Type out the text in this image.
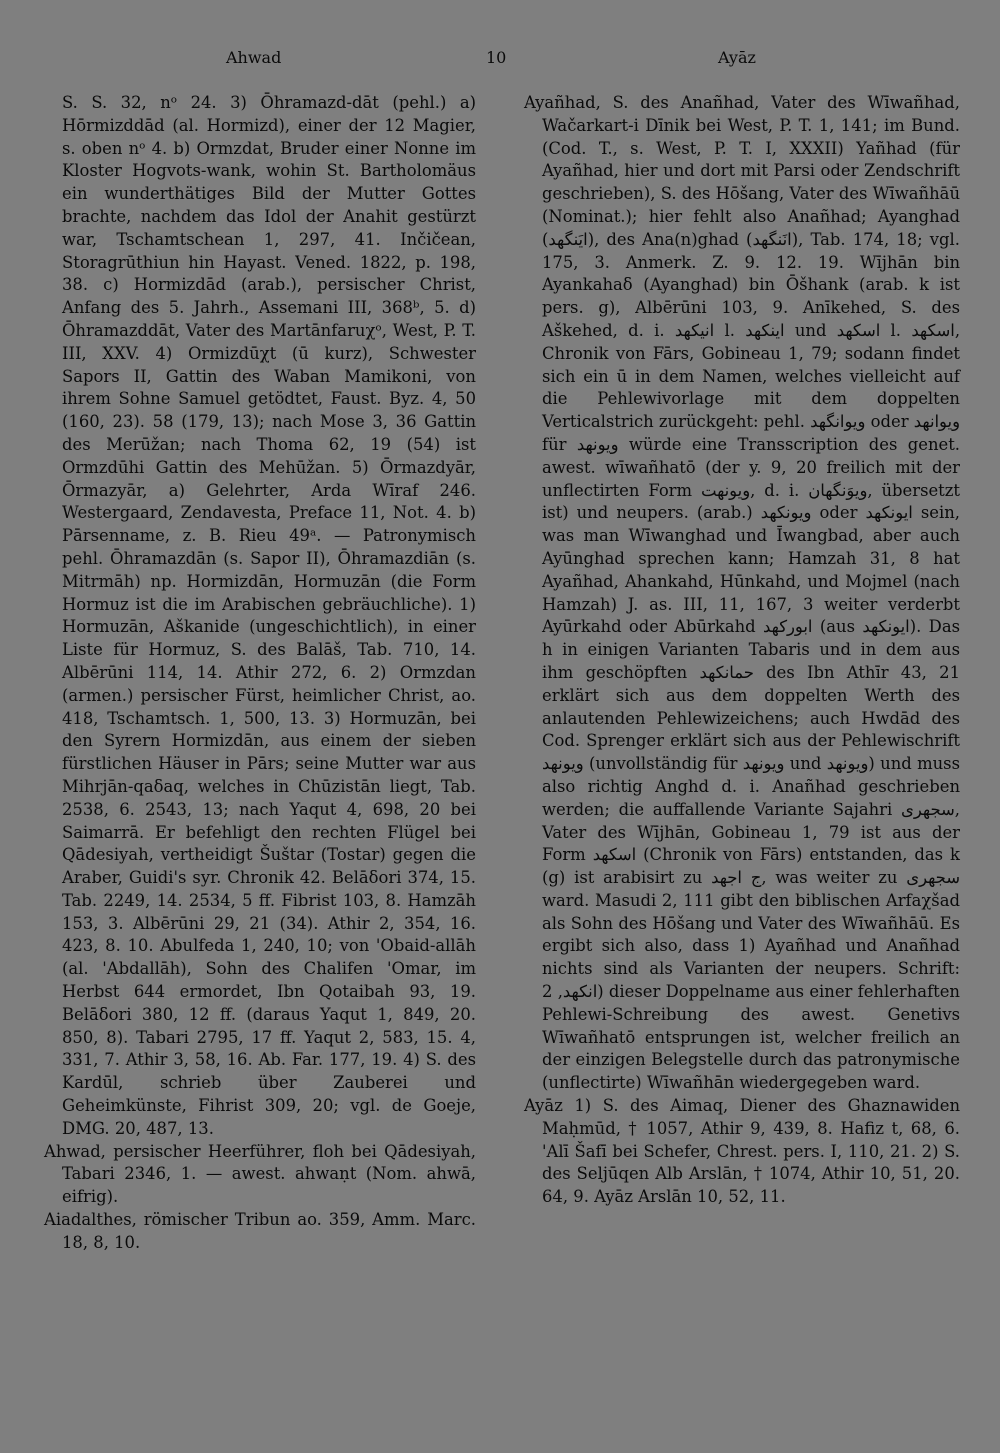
Ahwad	10	Ayāz

S. S. 32, nᵒ 24. 3) Ōhramazd-dāt (pehl.) a) Hōrmizddād (al. Hormizd), einer der 12 Magier, s. oben nᵒ 4. b) Ormzdat, Bruder einer Nonne im Kloster Hogvots-wank, wohin St. Bartholomäus ein wunderthätiges Bild der Mutter Gottes brachte, nachdem das Idol der Anahit gestürzt war, Tschamtschean 1, 297, 41. Inčičean, Storagrūthiun hin Hayast. Vened. 1822, p. 198, 38. c) Hormizdād (arab.), persischer Christ, Anfang des 5. Jahrh., Assemani III, 368ᵇ, 5. d) Ōhramazddāt, Vater des Martānfaruχᵒ, West, P. T. III, XXV. 4) Ormizdūχt (ū kurz), Schwester Sapors II, Gattin des Waban Mamikoni, von ihrem Sohne Samuel getödtet, Faust. Byz. 4, 50 (160, 23). 58 (179, 13); nach Mose 3, 36 Gattin des Merūžan; nach Thoma 62, 19 (54) ist Ormzdūhi Gattin des Mehūžan. 5) Ōrmazdyār, Ōrmazyār, a) Gelehrter, Arda Wīraf 246. Westergaard, Zendavesta, Preface 11, Not. 4. b) Pārsenname, z. B. Rieu 49ᵃ. — Patronymisch pehl. Ōhramazdān (s. Sapor II), Ōhramazdiān (s. Mitrmāh) np. Hormizdān, Hormuzān (die Form Hormuz ist die im Arabischen gebräuchliche). 1) Hormuzān, Aškanide (ungeschichtlich), in einer Liste für Hormuz, S. des Balāš, Tab. 710, 14. Albērūni 114, 14. Athir 272, 6. 2) Ormzdan (armen.) persischer Fürst, heimlicher Christ, ao. 418, Tschamtsch. 1, 500, 13. 3) Hormuzān, bei den Syrern Hormizdān, aus einem der sieben fürstlichen Häuser in Pārs; seine Mutter war aus Mihrjān-qaδaq, welches in Chūzistān liegt, Tab. 2538, 6. 2543, 13; nach Yaqut 4, 698, 20 bei Saimarrā. Er befehligt den rechten Flügel bei Qādesiyah, vertheidigt Šuštar (Tostar) gegen die Araber, Guidi's syr. Chronik 42. Belāδori 374, 15. Tab. 2249, 14. 2534, 5 ff. Fibrist 103, 8. Hamzāh 153, 3. Albērūni 29, 21 (34). Athir 2, 354, 16. 423, 8. 10. Abulfeda 1, 240, 10; von 'Obaid-allāh (al. 'Abdallāh), Sohn des Chalifen 'Omar, im Herbst 644 ermordet, Ibn Qotaibah 93, 19. Belāδori 380, 12 ff. (daraus Yaqut 1, 849, 20. 850, 8). Tabari 2795, 17 ff. Yaqut 2, 583, 15. 4, 331, 7. Athir 3, 58, 16. Ab. Far. 177, 19. 4) S. des Kardūl, schrieb über Zauberei und Geheimkünste, Fihrist 309, 20; vgl. de Goeje, DMG. 20, 487, 13.

Ahwad, persischer Heerführer, floh bei Qādesiyah, Tabari 2346, 1. — awest. ahwaṇt (Nom. ahwā, eifrig).

Aiadalthes, römischer Tribun ao. 359, Amm. Marc. 18, 8, 10.

Ayañhad, S. des Anañhad, Vater des Wīwañhad, Wačarkart-i Dīnik bei West, P. T. 1, 141; im Bund. (Cod. T., s. West, P. T. I, XXXII) Yañhad (für Ayañhad, hier und dort mit Parsi oder Zendschrift geschrieben), S. des Hōšang, Vater des Wīwañhāū (Nominat.); hier fehlt also Anañhad; Ayanghad (ایَنگهد), des Ana(n)ghad (انَنگهد), Tab. 174, 18; vgl. 175, 3. Anmerk. Z. 9. 12. 19. Wījhān bin Ayankahaδ (Ayanghad) bin Ōšhank (arab. k ist pers. g), Albērūni 103, 9. Anīkehed, S. des Aškehed, d. i. انیکهد l. اینکهد und اسکهد l. اسکهد, Chronik von Fārs, Gobineau 1, 79; sodann findet sich ein ū in dem Namen, welches vielleicht auf die Pehlewivorlage mit dem doppelten Verticalstrich zurückgeht: pehl. ويوانگهد oder ويوانهد für ويونهد würde eine Transscription des genet. awest. wīwañhatō (der y. 9, 20 freilich mit der unflectirten Form ويونهت, d. i. ويوَنگهان, übersetzt ist) und neupers. (arab.) ويونكهد oder ايونكهد sein, was man Wīwanghad und Īwangbad, aber auch Ayūnghad sprechen kann; Hamzah 31, 8 hat Ayañhad, Ahankahd, Hūnkahd, und Mojmel (nach Hamzah) J. as. III, 11, 167, 3 weiter verderbt Ayūrkahd oder Abūrkahd ابورکهد (aus ایونکهد). Das h in einigen Varianten Tabaris und in dem aus ihm geschöpften حمانکهد des Ibn Athīr 43, 21 erklärt sich aus dem doppelten Werth des anlautenden Pehlewizeichens; auch Hwdād des Cod. Sprenger erklärt sich aus der Pehlewischrift ويونهد (unvollständig für ويونهد und ويونهد) und muss also richtig Anghd d. i. Anañhad geschrieben werden; die auffallende Variante Sajahri سجهری, Vater des Wījhān, Gobineau 1, 79 ist aus der Form اسکهد (Chronik von Fārs) entstanden, das k (g) ist arabisirt zu ج اجهد, was weiter zu سجهری ward. Masudi 2, 111 gibt den biblischen Arfaχšad als Sohn des Hōšang und Vater des Wīwañhāū. Es ergibt sich also, dass 1) Ayañhad und Anañhad nichts sind als Varianten der neupers. Schrift: انکهد, 2) dieser Doppelname aus einer fehlerhaften Pehlewi-Schreibung des awest. Genetivs Wīwañhatō entsprungen ist, welcher freilich an der einzigen Belegstelle durch das patronymische (unflectirte) Wīwañhān wiedergegeben ward.

Ayāz 1) S. des Aimaq, Diener des Ghaznawiden Maḥmūd, † 1057, Athir 9, 439, 8. Hafiz t, 68, 6. 'Alī Šafī bei Schefer, Chrest. pers. I, 110, 21. 2) S. des Seljūqen Alb Arslān, † 1074, Athir 10, 51, 20. 64, 9. Ayāz Arslān 10, 52, 11.
